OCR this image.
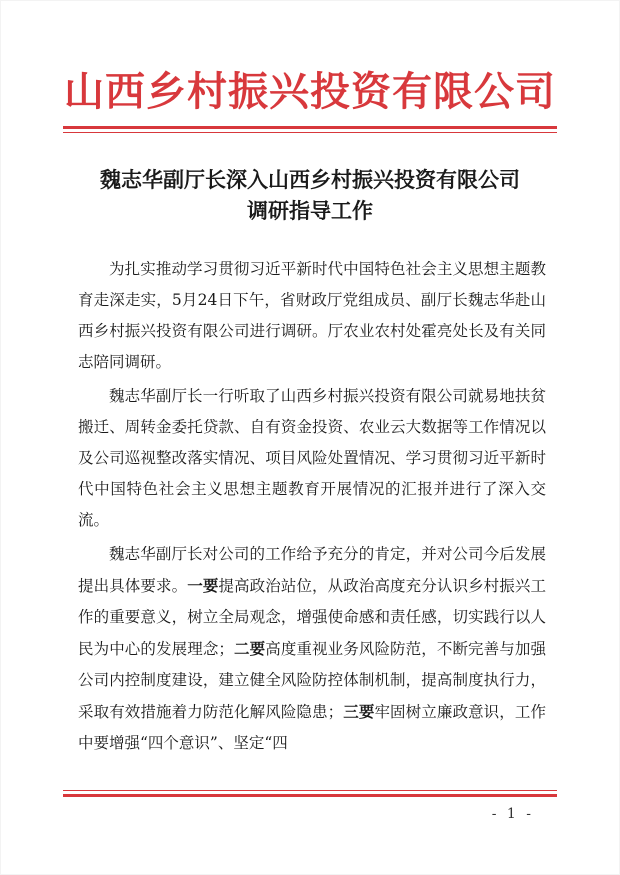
山西乡村振兴投资有限公司
魏志华副厅长深入山西乡村振兴投资有限公司
调研指导工作

为扎实推动学习贯彻习近平新时代中国特色社会主义思想主题教育走深走实，5月24日下午，省财政厅党组成员、副厅长魏志华赴山西乡村振兴投资有限公司进行调研。厅农业农村处霍亮处长及有关同志陪同调研。

魏志华副厅长一行听取了山西乡村振兴投资有限公司就易地扶贫搬迁、周转金委托贷款、自有资金投资、农业云大数据等工作情况以及公司巡视整改落实情况、项目风险处置情况、学习贯彻习近平新时代中国特色社会主义思想主题教育开展情况的汇报并进行了深入交流。

魏志华副厅长对公司的工作给予充分的肯定，并对公司今后发展提出具体要求。一要提高政治站位，从政治高度充分认识乡村振兴工作的重要意义，树立全局观念，增强使命感和责任感，切实践行以人民为中心的发展理念；二要高度重视业务风险防范，不断完善与加强公司内控制度建设，建立健全风险防控体制机制，提高制度执行力，采取有效措施着力防范化解风险隐患；三要牢固树立廉政意识，工作中要增强“四个意识”、坚定“四

- 1 -
